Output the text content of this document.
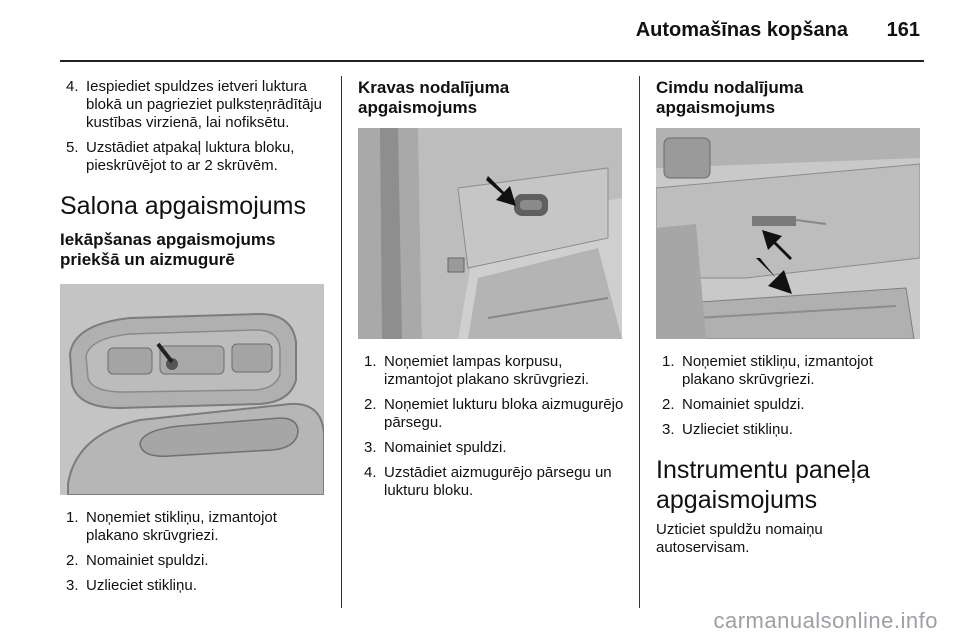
Automašīnas kopšana 161
4. Iespiediet spuldzes ietveri luktura blokā un pagrieziet pulksteņrādītāju kustības virzienā, lai nofiksētu.
5. Uzstādiet atpakaļ luktura bloku, pieskrūvējot to ar 2 skrūvēm.
Salona apgaismojums
Iekāpšanas apgaismojums
priekšā un aizmugurē
1. Noņemiet stikliņu, izmantojot plakano skrūvgriezi.
2. Nomainiet spuldzi.
3. Uzlieciet stikliņu.
Kravas nodalījuma
apgaismojums
1. Noņemiet lampas korpusu, izmantojot plakano skrūvgriezi.
2. Noņemiet lukturu bloka aizmugurējo pārsegu.
3. Nomainiet spuldzi.
4. Uzstādiet aizmugurējo pārsegu un lukturu bloku.
Cimdu nodalījuma
apgaismojums
1. Noņemiet stikliņu, izmantojot plakano skrūvgriezi.
2. Nomainiet spuldzi.
3. Uzlieciet stikliņu.
Instrumentu paneļa
apgaismojums
Uzticiet spuldžu nomaiņu
autoservisam.
carmanualsonline.info
